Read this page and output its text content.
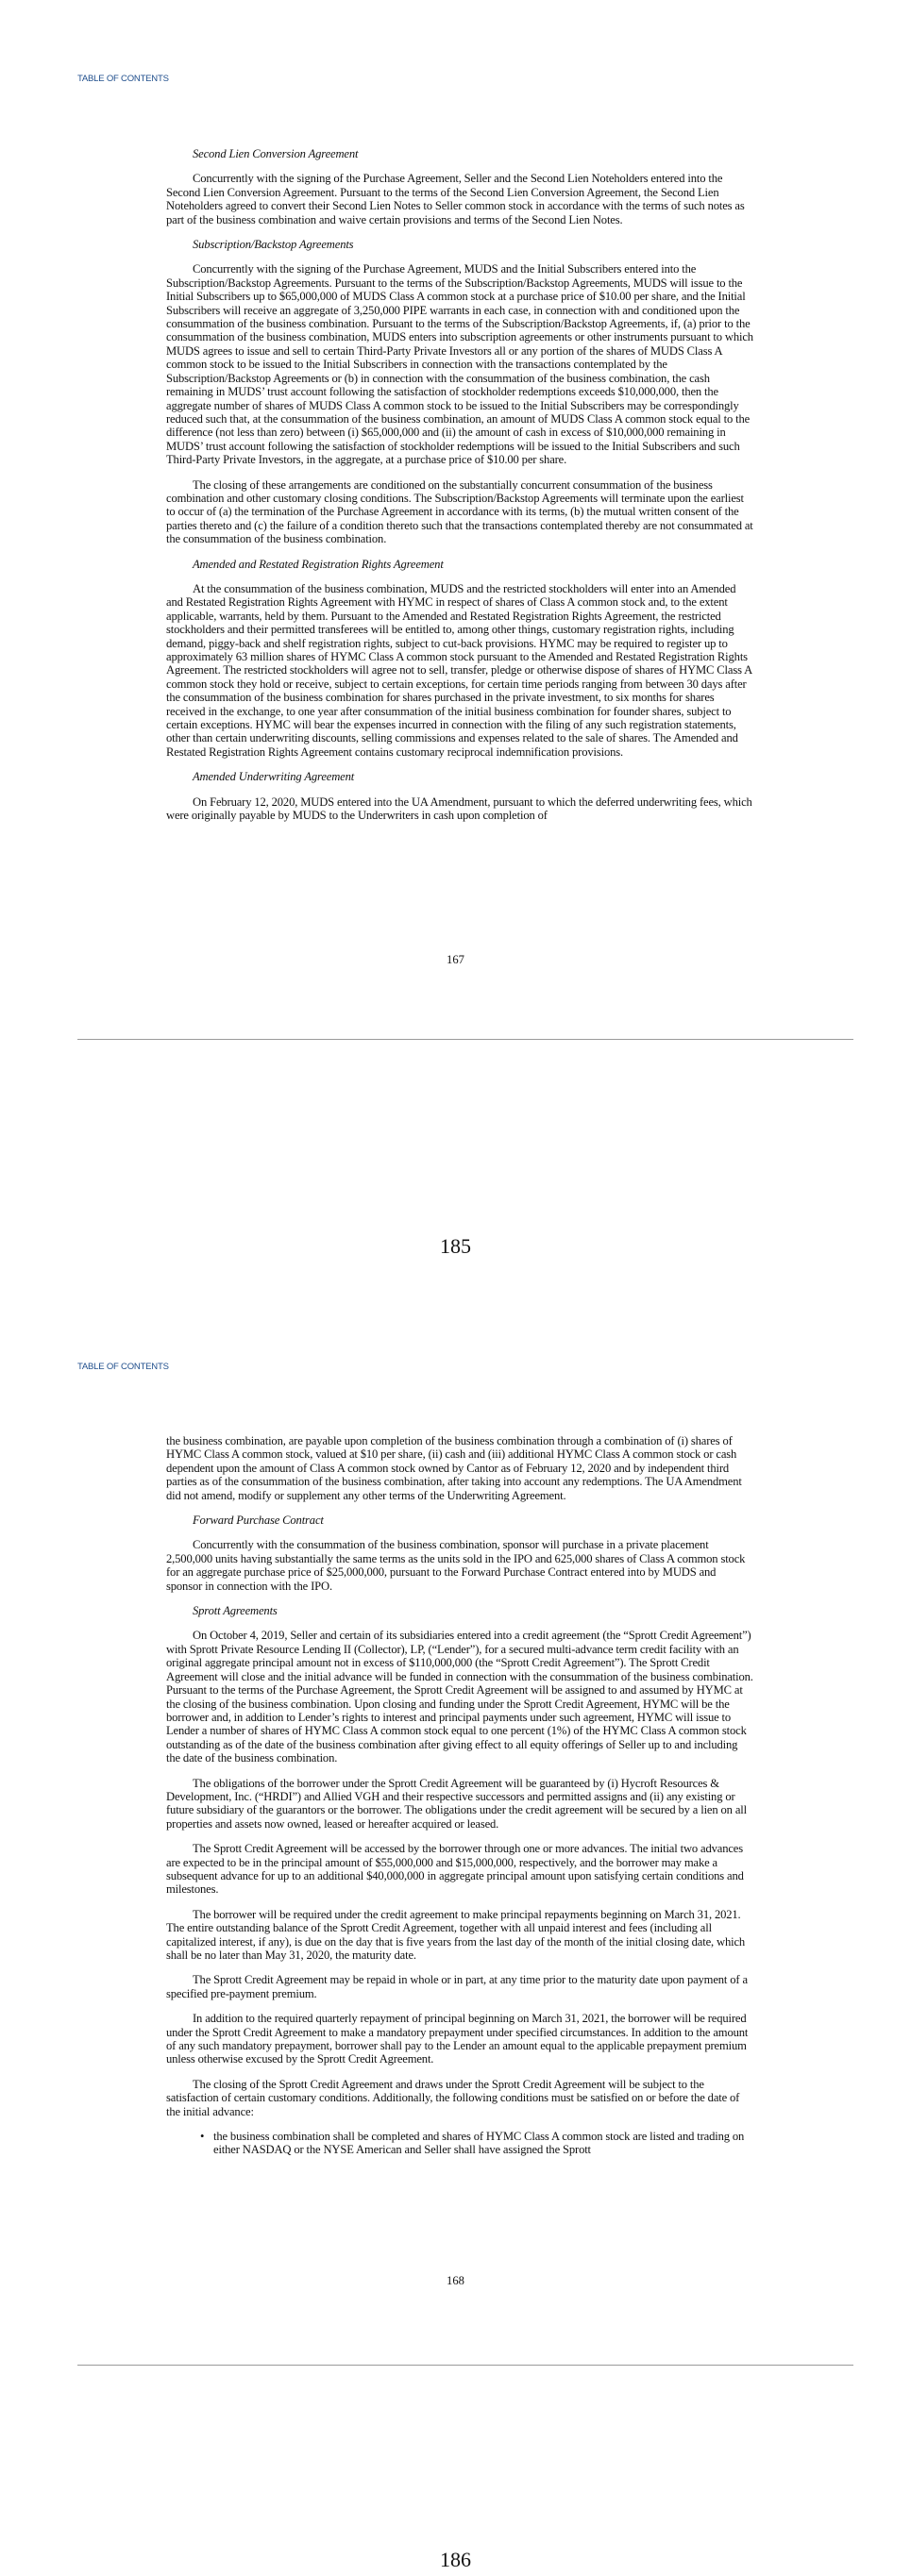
TABLE OF CONTENTS
Second Lien Conversion Agreement

Concurrently with the signing of the Purchase Agreement, Seller and the Second Lien Noteholders entered into the Second Lien Conversion Agreement. Pursuant to the terms of the Second Lien Conversion Agreement, the Second Lien Noteholders agreed to convert their Second Lien Notes to Seller common stock in accordance with the terms of such notes as part of the business combination and waive certain provisions and terms of the Second Lien Notes.

Subscription/Backstop Agreements

Concurrently with the signing of the Purchase Agreement, MUDS and the Initial Subscribers entered into the Subscription/Backstop Agreements. Pursuant to the terms of the Subscription/Backstop Agreements, MUDS will issue to the Initial Subscribers up to $65,000,000 of MUDS Class A common stock at a purchase price of $10.00 per share, and the Initial Subscribers will receive an aggregate of 3,250,000 PIPE warrants in each case, in connection with and conditioned upon the consummation of the business combination. Pursuant to the terms of the Subscription/Backstop Agreements, if, (a) prior to the consummation of the business combination, MUDS enters into subscription agreements or other instruments pursuant to which MUDS agrees to issue and sell to certain Third-Party Private Investors all or any portion of the shares of MUDS Class A common stock to be issued to the Initial Subscribers in connection with the transactions contemplated by the Subscription/Backstop Agreements or (b) in connection with the consummation of the business combination, the cash remaining in MUDS’ trust account following the satisfaction of stockholder redemptions exceeds $10,000,000, then the aggregate number of shares of MUDS Class A common stock to be issued to the Initial Subscribers may be correspondingly reduced such that, at the consummation of the business combination, an amount of MUDS Class A common stock equal to the difference (not less than zero) between (i) $65,000,000 and (ii) the amount of cash in excess of $10,000,000 remaining in MUDS’ trust account following the satisfaction of stockholder redemptions will be issued to the Initial Subscribers and such Third-Party Private Investors, in the aggregate, at a purchase price of $10.00 per share.

The closing of these arrangements are conditioned on the substantially concurrent consummation of the business combination and other customary closing conditions. The Subscription/Backstop Agreements will terminate upon the earliest to occur of (a) the termination of the Purchase Agreement in accordance with its terms, (b) the mutual written consent of the parties thereto and (c) the failure of a condition thereto such that the transactions contemplated thereby are not consummated at the consummation of the business combination.

Amended and Restated Registration Rights Agreement

At the consummation of the business combination, MUDS and the restricted stockholders will enter into an Amended and Restated Registration Rights Agreement with HYMC in respect of shares of Class A common stock and, to the extent applicable, warrants, held by them. Pursuant to the Amended and Restated Registration Rights Agreement, the restricted stockholders and their permitted transferees will be entitled to, among other things, customary registration rights, including demand, piggy-back and shelf registration rights, subject to cut-back provisions. HYMC may be required to register up to approximately 63 million shares of HYMC Class A common stock pursuant to the Amended and Restated Registration Rights Agreement. The restricted stockholders will agree not to sell, transfer, pledge or otherwise dispose of shares of HYMC Class A common stock they hold or receive, subject to certain exceptions, for certain time periods ranging from between 30 days after the consummation of the business combination for shares purchased in the private investment, to six months for shares received in the exchange, to one year after consummation of the initial business combination for founder shares, subject to certain exceptions. HYMC will bear the expenses incurred in connection with the filing of any such registration statements, other than certain underwriting discounts, selling commissions and expenses related to the sale of shares. The Amended and Restated Registration Rights Agreement contains customary reciprocal indemnification provisions.

Amended Underwriting Agreement

On February 12, 2020, MUDS entered into the UA Amendment, pursuant to which the deferred underwriting fees, which were originally payable by MUDS to the Underwriters in cash upon completion of

167
185
TABLE OF CONTENTS

the business combination, are payable upon completion of the business combination through a combination of (i) shares of HYMC Class A common stock, valued at $10 per share, (ii) cash and (iii) additional HYMC Class A common stock or cash dependent upon the amount of Class A common stock owned by Cantor as of February 12, 2020 and by independent third parties as of the consummation of the business combination, after taking into account any redemptions. The UA Amendment did not amend, modify or supplement any other terms of the Underwriting Agreement.

Forward Purchase Contract

Concurrently with the consummation of the business combination, sponsor will purchase in a private placement 2,500,000 units having substantially the same terms as the units sold in the IPO and 625,000 shares of Class A common stock for an aggregate purchase price of $25,000,000, pursuant to the Forward Purchase Contract entered into by MUDS and sponsor in connection with the IPO.

Sprott Agreements

On October 4, 2019, Seller and certain of its subsidiaries entered into a credit agreement (the “Sprott Credit Agreement”) with Sprott Private Resource Lending II (Collector), LP, (“Lender”), for a secured multi-advance term credit facility with an original aggregate principal amount not in excess of $110,000,000 (the “Sprott Credit Agreement”). The Sprott Credit Agreement will close and the initial advance will be funded in connection with the consummation of the business combination. Pursuant to the terms of the Purchase Agreement, the Sprott Credit Agreement will be assigned to and assumed by HYMC at the closing of the business combination. Upon closing and funding under the Sprott Credit Agreement, HYMC will be the borrower and, in addition to Lender’s rights to interest and principal payments under such agreement, HYMC will issue to Lender a number of shares of HYMC Class A common stock equal to one percent (1%) of the HYMC Class A common stock outstanding as of the date of the business combination after giving effect to all equity offerings of Seller up to and including the date of the business combination.

The obligations of the borrower under the Sprott Credit Agreement will be guaranteed by (i) Hycroft Resources & Development, Inc. (“HRDI”) and Allied VGH and their respective successors and permitted assigns and (ii) any existing or future subsidiary of the guarantors or the borrower. The obligations under the credit agreement will be secured by a lien on all properties and assets now owned, leased or hereafter acquired or leased.

The Sprott Credit Agreement will be accessed by the borrower through one or more advances. The initial two advances are expected to be in the principal amount of $55,000,000 and $15,000,000, respectively, and the borrower may make a subsequent advance for up to an additional $40,000,000 in aggregate principal amount upon satisfying certain conditions and milestones.

The borrower will be required under the credit agreement to make principal repayments beginning on March 31, 2021. The entire outstanding balance of the Sprott Credit Agreement, together with all unpaid interest and fees (including all capitalized interest, if any), is due on the day that is five years from the last day of the month of the initial closing date, which shall be no later than May 31, 2020, the maturity date.

The Sprott Credit Agreement may be repaid in whole or in part, at any time prior to the maturity date upon payment of a specified pre-payment premium.

In addition to the required quarterly repayment of principal beginning on March 31, 2021, the borrower will be required under the Sprott Credit Agreement to make a mandatory prepayment under specified circumstances. In addition to the amount of any such mandatory prepayment, borrower shall pay to the Lender an amount equal to the applicable prepayment premium unless otherwise excused by the Sprott Credit Agreement.

The closing of the Sprott Credit Agreement and draws under the Sprott Credit Agreement will be subject to the satisfaction of certain customary conditions. Additionally, the following conditions must be satisfied on or before the date of the initial advance:

• the business combination shall be completed and shares of HYMC Class A common stock are listed and trading on either NASDAQ or the NYSE American and Seller shall have assigned the Sprott
168
186
